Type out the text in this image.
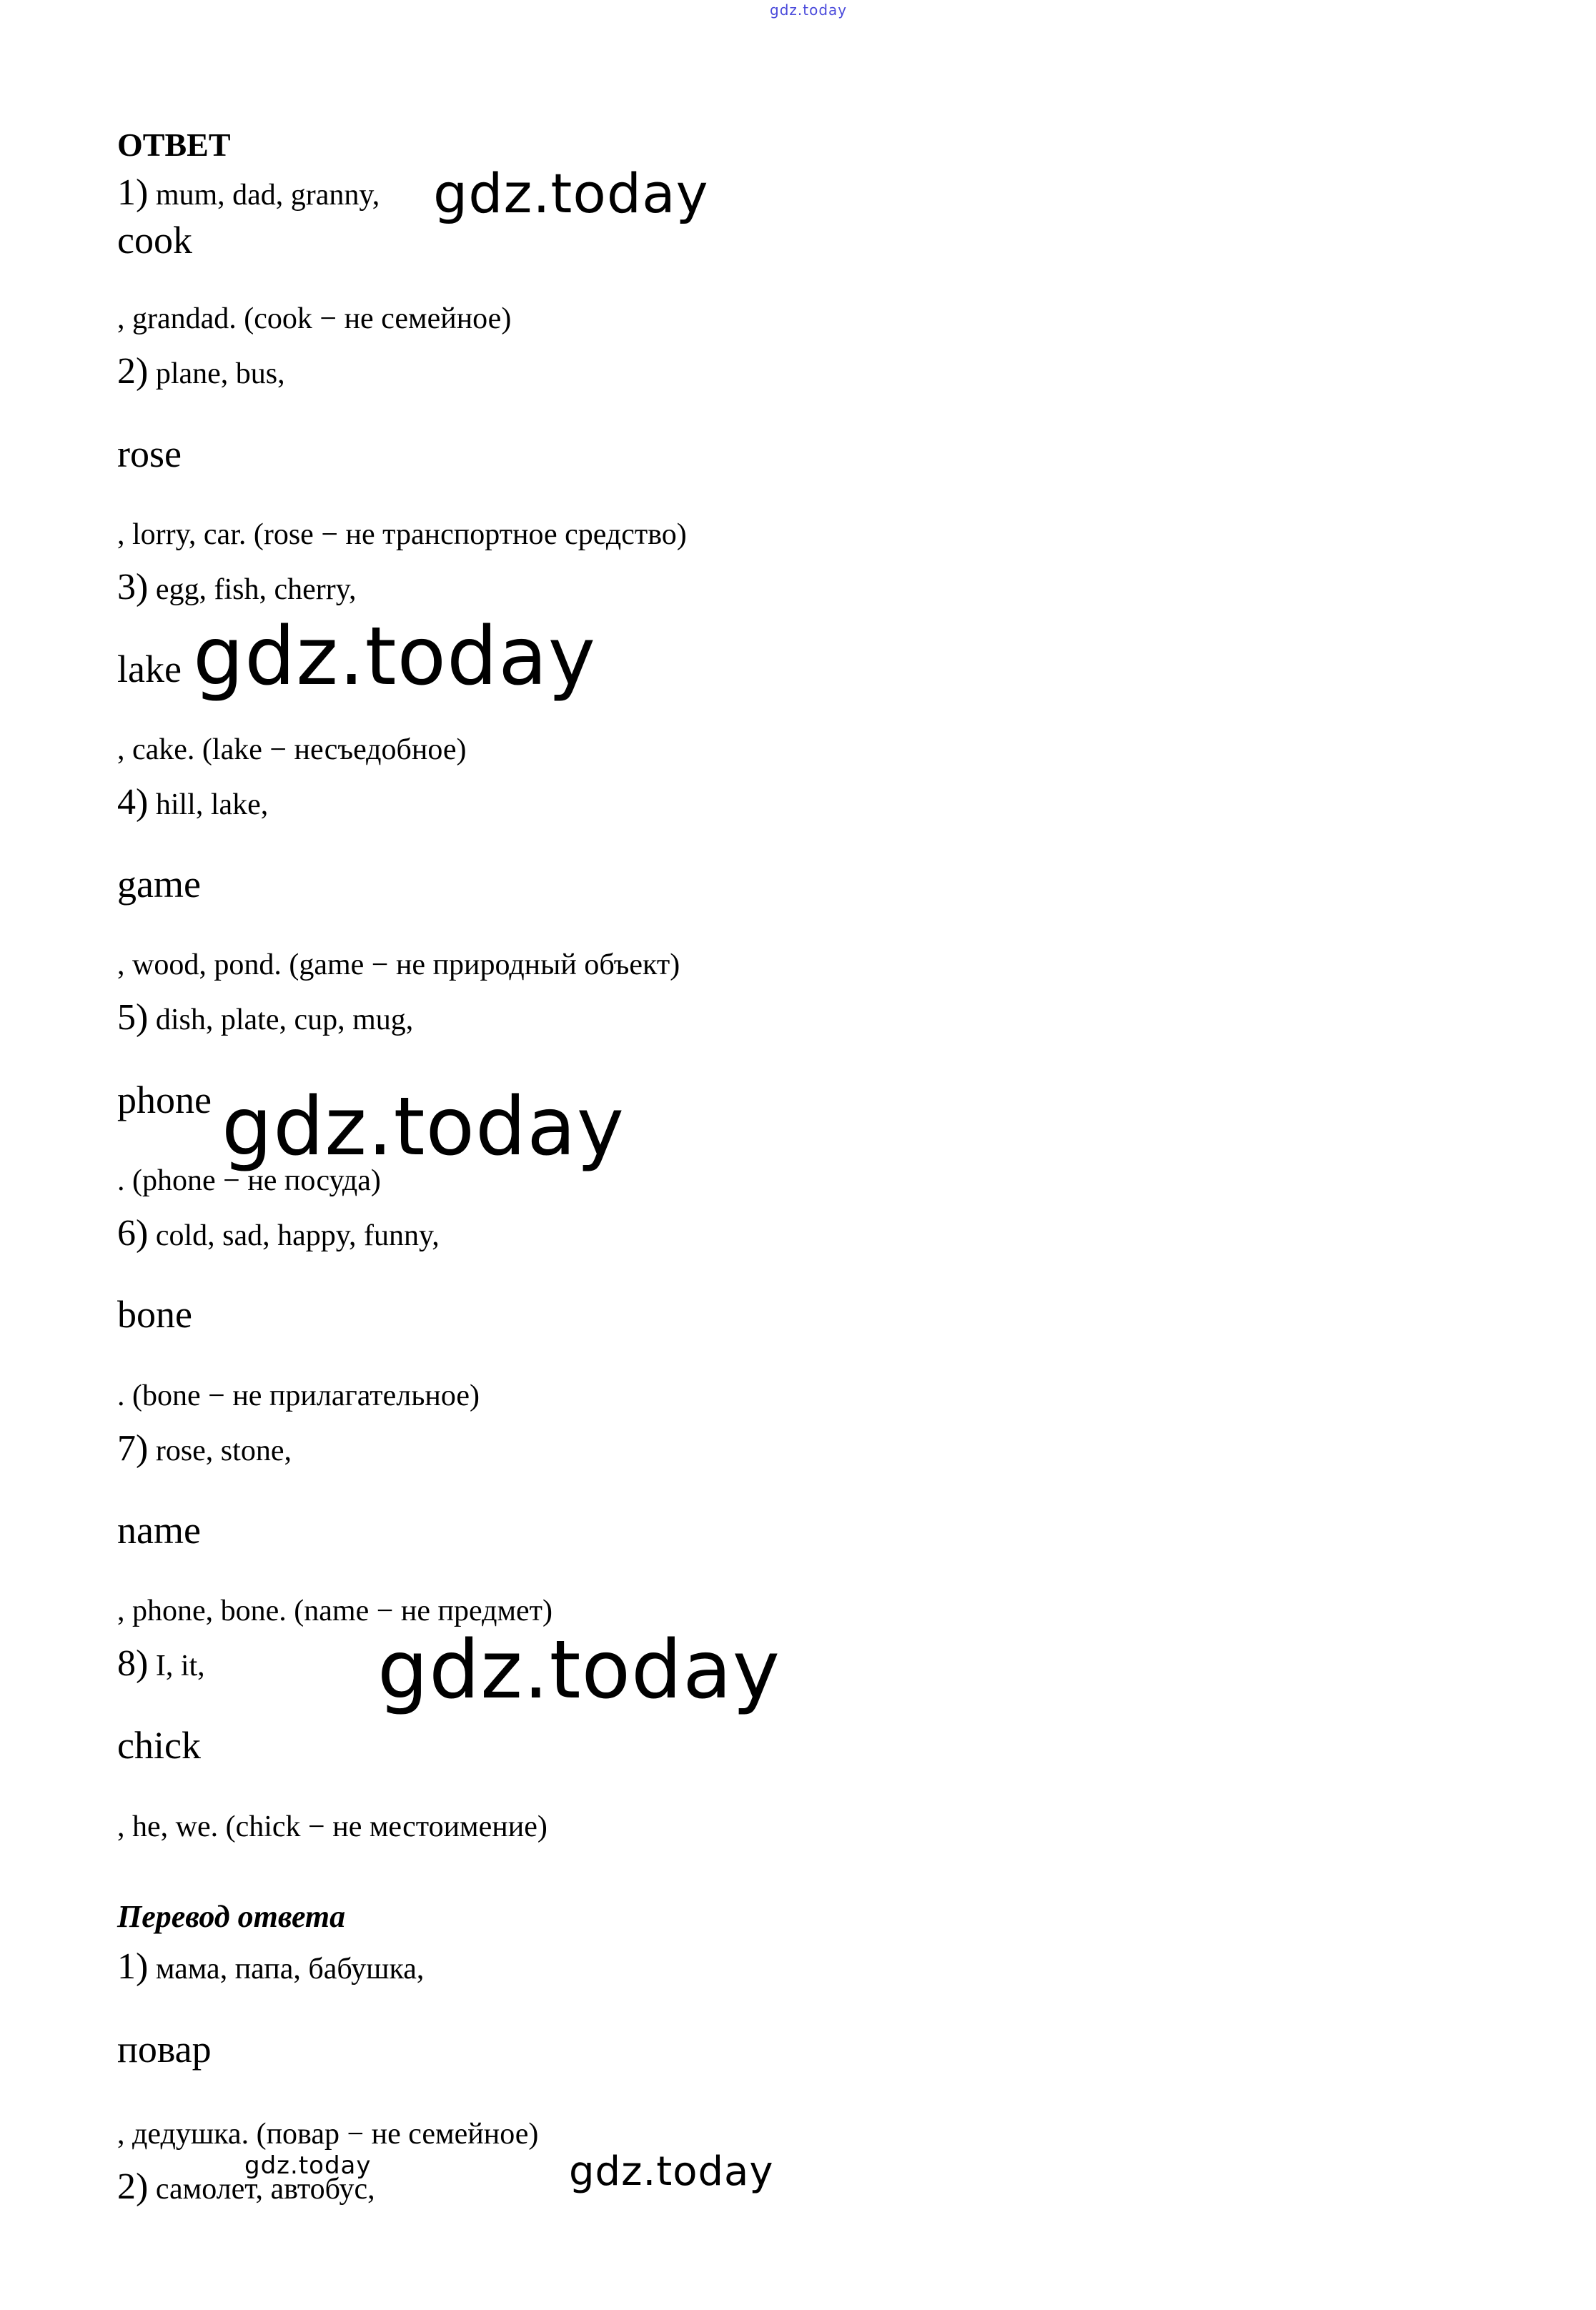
gdz.today
ОТВЕТ
1) mum, dad, granny,
cook
, grandad. (cook − не семейное)
2) plane, bus,
rose
, lorry, car. (rose − не транспортное средство)
3) egg, fish, cherry,
lake
, cake. (lake − несъедобное)
4) hill, lake,
game
, wood, pond. (game − не природный объект)
5) dish, plate, cup, mug,
phone
. (phone − не посуда)
6) cold, sad, happy, funny,
bone
. (bone − не прилагательное)
7) rose, stone,
name
, phone, bone. (name − не предмет)
8) I, it,
chick
, he, we. (chick − не местоимение)
Перевод ответа
1) мама, папа, бабушка,
повар
, дедушка. (повар − не семейное)
2) самолет, автобус,
gdz.today
gdz.today
gdz.today
gdz.today
gdz.today
gdz.today
